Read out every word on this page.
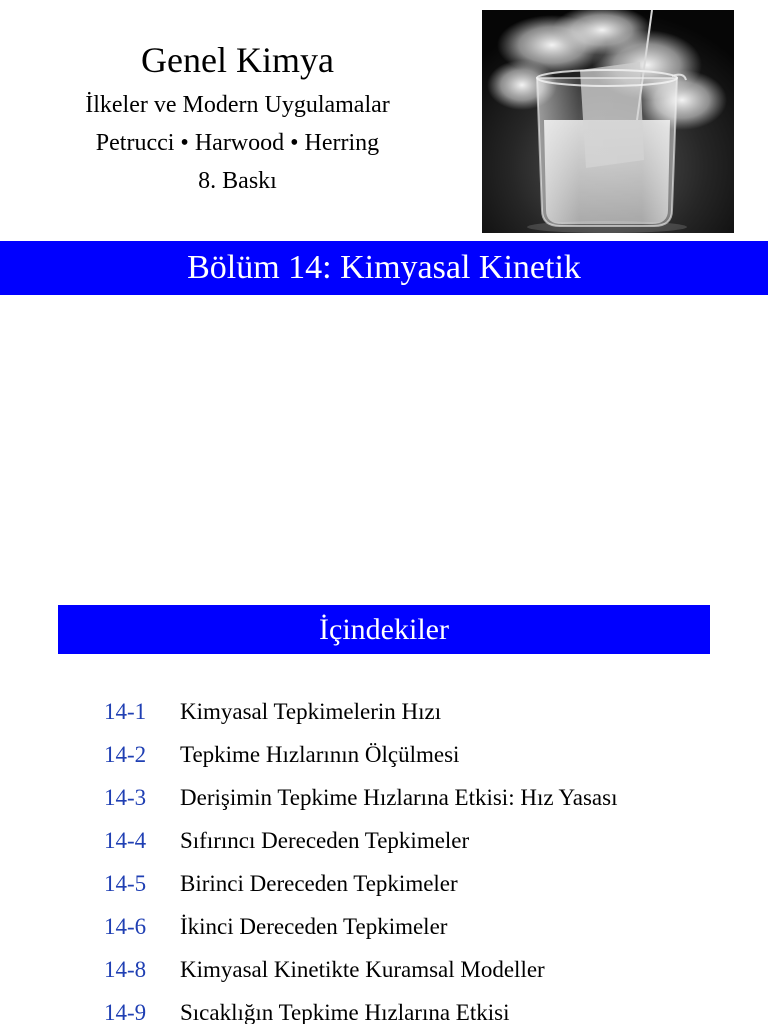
Genel Kimya
İlkeler ve Modern Uygulamalar
Petrucci • Harwood • Herring
8. Baskı
Bölüm 14: Kimyasal Kinetik
İçindekiler
14-1	Kimyasal Tepkimelerin Hızı
14-2	Tepkime Hızlarının Ölçülmesi
14-3	Derişimin Tepkime Hızlarına Etkisi: Hız Yasası
14-4	Sıfırıncı Dereceden Tepkimeler
14-5	Birinci Dereceden Tepkimeler
14-6	İkinci Dereceden Tepkimeler
14-8	Kimyasal Kinetikte Kuramsal Modeller
14-9	Sıcaklığın Tepkime Hızlarına Etkisi
